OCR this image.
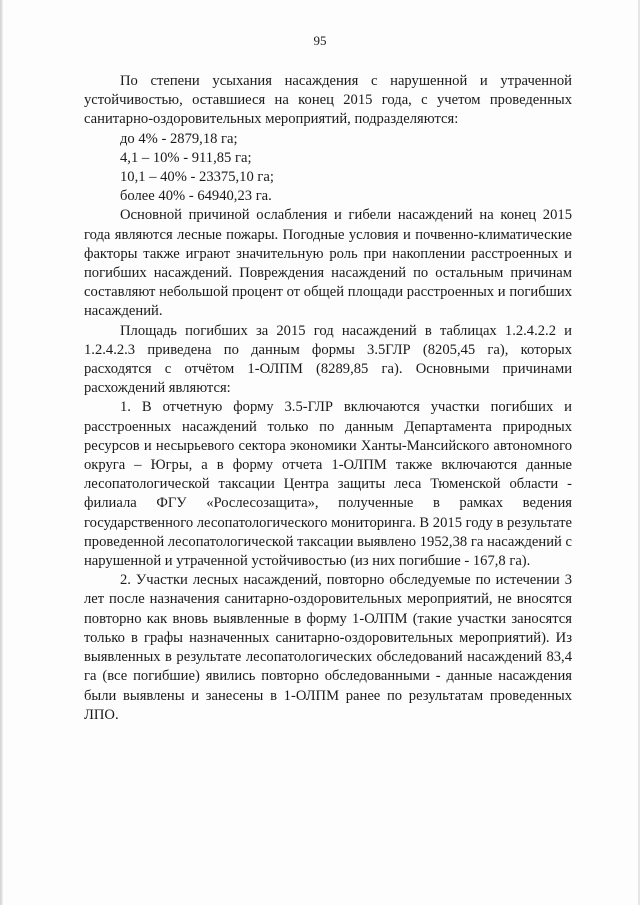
95

По степени усыхания насаждения с нарушенной и утраченной устойчивостью, оставшиеся на конец 2015 года, с учетом проведенных санитарно-оздоровительных мероприятий, подразделяются:

до 4% - 2879,18 га;

4,1 – 10% - 911,85 га;

10,1 – 40% - 23375,10 га;

более 40% - 64940,23 га.

Основной причиной ослабления и гибели насаждений на конец 2015 года являются лесные пожары. Погодные условия и почвенно-климатические факторы также играют значительную роль при накоплении расстроенных и погибших насаждений. Повреждения насаждений по остальным причинам составляют небольшой процент от общей площади расстроенных и погибших насаждений.

Площадь погибших за 2015 год насаждений в таблицах 1.2.4.2.2 и 1.2.4.2.3 приведена по данным формы 3.5ГЛР (8205,45 га), которых расходятся с отчётом 1-ОЛПМ (8289,85 га). Основными причинами расхождений являются:

1. В отчетную форму 3.5-ГЛР включаются участки погибших и расстроенных насаждений только по данным Департамента природных ресурсов и несырьевого сектора экономики Ханты-Мансийского автономного округа – Югры, а в форму отчета 1-ОЛПМ также включаются данные лесопатологической таксации Центра защиты леса Тюменской области - филиала ФГУ «Рослесозащита», полученные в рамках ведения государственного лесопатологического мониторинга. В 2015 году в результате проведенной лесопатологической таксации выявлено 1952,38 га насаждений с нарушенной и утраченной устойчивостью (из них погибшие - 167,8 га).

2. Участки лесных насаждений, повторно обследуемые по истечении 3 лет после назначения санитарно-оздоровительных мероприятий, не вносятся повторно как вновь выявленные в форму 1-ОЛПМ (такие участки заносятся только в графы назначенных санитарно-оздоровительных мероприятий). Из выявленных в результате лесопатологических обследований насаждений 83,4 га (все погибшие) явились повторно обследованными - данные насаждения были выявлены и занесены в 1-ОЛПМ ранее по результатам проведенных ЛПО.
